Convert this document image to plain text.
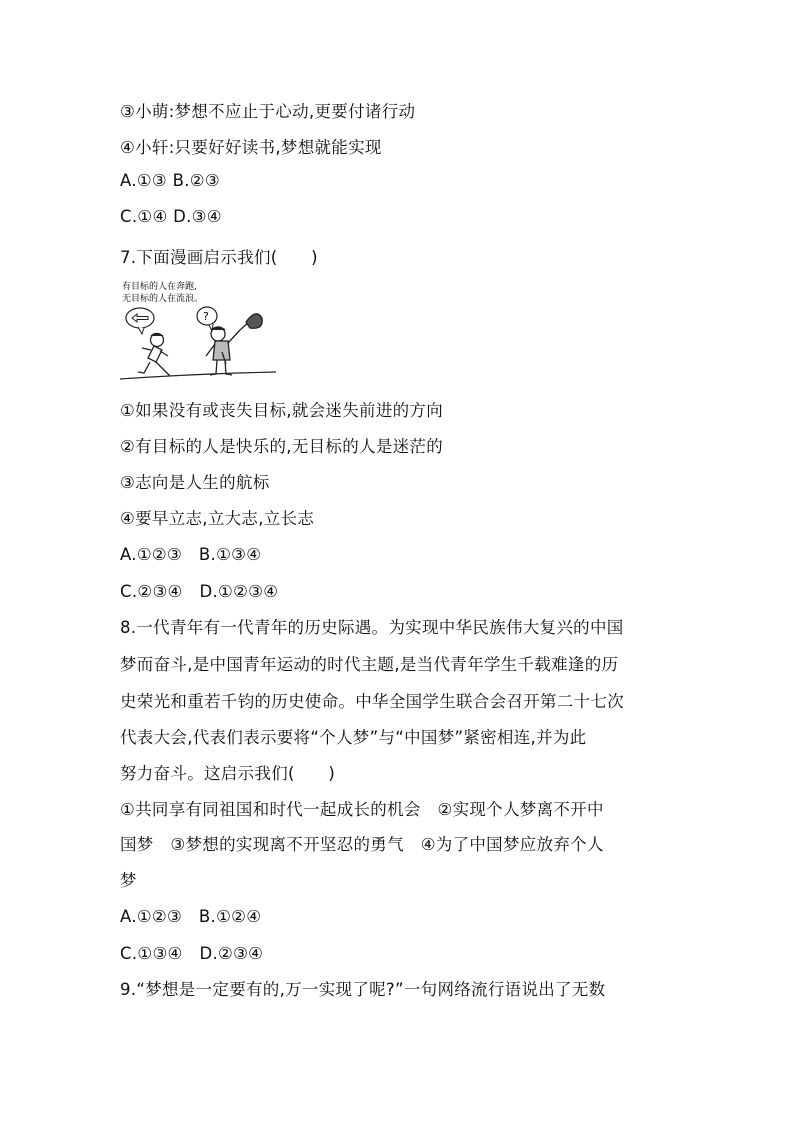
③小萌:梦想不应止于心动,更要付诸行动
④小轩:只要好好读书,梦想就能实现
A.①③ B.②③
C.①④ D.③④
7.下面漫画启示我们(　　)
有目标的人在奔跑,
无目标的人在流浪。
?
①如果没有或丧失目标,就会迷失前进的方向
②有目标的人是快乐的,无目标的人是迷茫的
③志向是人生的航标
④要早立志,立大志,立长志
A.①②③　B.①③④
C.②③④　D.①②③④
8.一代青年有一代青年的历史际遇。为实现中华民族伟大复兴的中国
梦而奋斗,是中国青年运动的时代主题,是当代青年学生千载难逢的历
史荣光和重若千钧的历史使命。中华全国学生联合会召开第二十七次
代表大会,代表们表示要将“个人梦”与“中国梦”紧密相连,并为此
努力奋斗。这启示我们(　　)
①共同享有同祖国和时代一起成长的机会　②实现个人梦离不开中
国梦　③梦想的实现离不开坚忍的勇气　④为了中国梦应放弃个人
梦
A.①②③　B.①②④
C.①③④　D.②③④
9.“梦想是一定要有的,万一实现了呢?”一句网络流行语说出了无数
